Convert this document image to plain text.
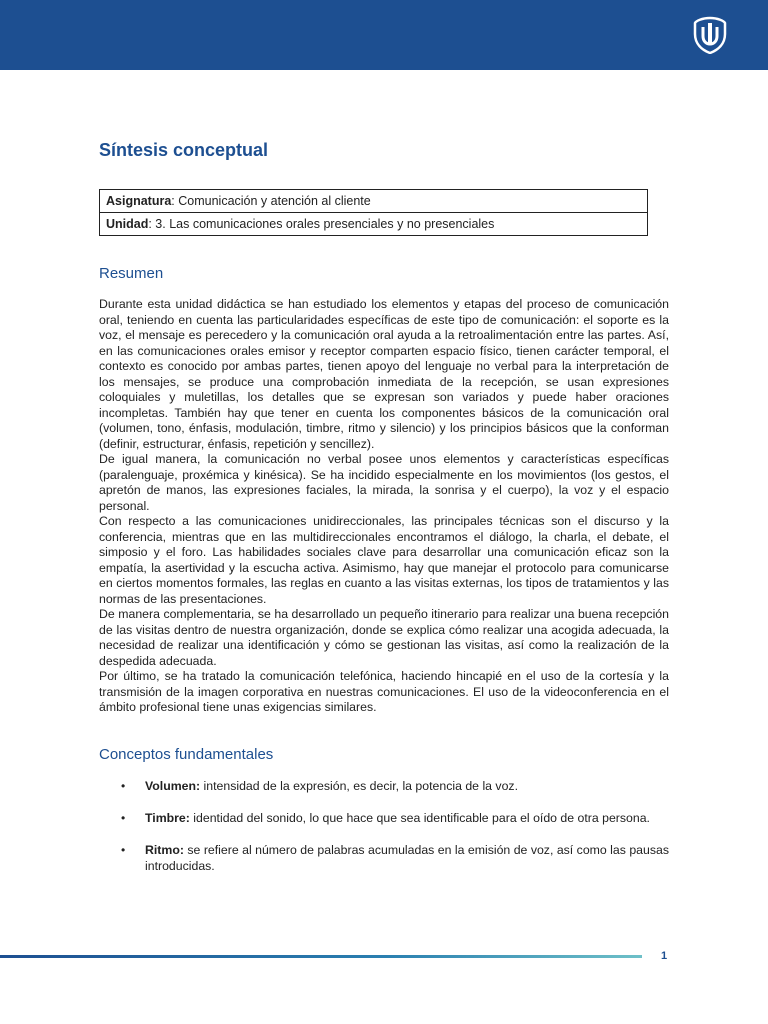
Síntesis conceptual
Asignatura: Comunicación y atención al cliente
Unidad: 3. Las comunicaciones orales presenciales y no presenciales
Resumen

Durante esta unidad didáctica se han estudiado los elementos y etapas del proceso de comunicación oral, teniendo en cuenta las particularidades específicas de este tipo de comunicación: el soporte es la voz, el mensaje es perecedero y la comunicación oral ayuda a la retroalimentación entre las partes. Así, en las comunicaciones orales emisor y receptor comparten espacio físico, tienen carácter temporal, el contexto es conocido por ambas partes, tienen apoyo del lenguaje no verbal para la interpretación de los mensajes, se produce una comprobación inmediata de la recepción, se usan expresiones coloquiales y muletillas, los detalles que se expresan son variados y puede haber oraciones incompletas. También hay que tener en cuenta los componentes básicos de la comunicación oral (volumen, tono, énfasis, modulación, timbre, ritmo y silencio) y los principios básicos que la conforman (definir, estructurar, énfasis, repetición y sencillez).

De igual manera, la comunicación no verbal posee unos elementos y características específicas (paralenguaje, proxémica y kinésica). Se ha incidido especialmente en los movimientos (los gestos, el apretón de manos, las expresiones faciales, la mirada, la sonrisa y el cuerpo), la voz y el espacio personal.

Con respecto a las comunicaciones unidireccionales, las principales técnicas son el discurso y la conferencia, mientras que en las multidireccionales encontramos el diálogo, la charla, el debate, el simposio y el foro. Las habilidades sociales clave para desarrollar una comunicación eficaz son la empatía, la asertividad y la escucha activa. Asimismo, hay que manejar el protocolo para comunicarse en ciertos momentos formales, las reglas en cuanto a las visitas externas, los tipos de tratamientos y las normas de las presentaciones.

De manera complementaria, se ha desarrollado un pequeño itinerario para realizar una buena recepción de las visitas dentro de nuestra organización, donde se explica cómo realizar una acogida adecuada, la necesidad de realizar una identificación y cómo se gestionan las visitas, así como la realización de la despedida adecuada.

Por último, se ha tratado la comunicación telefónica, haciendo hincapié en el uso de la cortesía y la transmisión de la imagen corporativa en nuestras comunicaciones. El uso de la videoconferencia en el ámbito profesional tiene unas exigencias similares.

Conceptos fundamentales
• Volumen: intensidad de la expresión, es decir, la potencia de la voz.
• Timbre: identidad del sonido, lo que hace que sea identificable para el oído de otra persona.
• Ritmo: se refiere al número de palabras acumuladas en la emisión de voz, así como las pausas introducidas.
1
